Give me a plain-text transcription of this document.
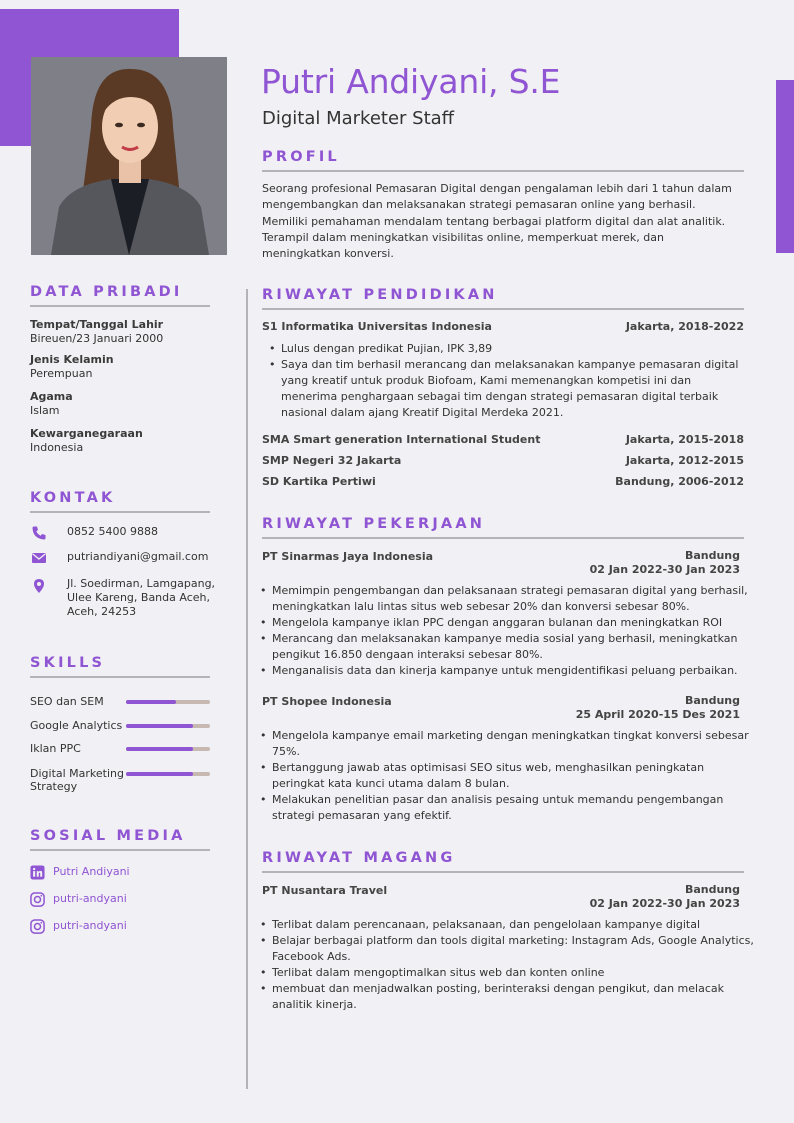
Putri Andiyani, S.E
Digital Marketer Staff
PROFIL
Seorang profesional Pemasaran Digital dengan pengalaman lebih dari 1 tahun dalam mengembangkan dan melaksanakan strategi pemasaran online yang berhasil. Memiliki pemahaman mendalam tentang berbagai platform digital dan alat analitik. Terampil dalam meningkatkan visibilitas online, memperkuat merek, dan meningkatkan konversi.
DATA PRIBADI
Tempat/Tanggal Lahir
Bireuen/23 Januari 2000
Jenis Kelamin
Perempuan
Agama
Islam
Kewarganegaraan
Indonesia
KONTAK
0852 5400 9888
putriandiyani@gmail.com
Jl. Soedirman, Lamgapang,
Ulee Kareng, Banda Aceh,
Aceh, 24253
SKILLS
SEO dan SEM
Google Analytics
Iklan PPC
Digital Marketing
Strategy
SOSIAL MEDIA
Putri Andiyani
putri-andyani
putri-andyani
RIWAYAT PENDIDIKAN
S1 Informatika Universitas Indonesia	Jakarta, 2018-2022
• Lulus dengan predikat Pujian, IPK 3,89
• Saya dan tim berhasil merancang dan melaksanakan kampanye pemasaran digital yang kreatif untuk produk Biofoam, Kami memenangkan kompetisi ini dan menerima penghargaan sebagai tim dengan strategi pemasaran digital terbaik nasional dalam ajang Kreatif Digital Merdeka 2021.
SMA Smart generation International Student	Jakarta, 2015-2018
SMP Negeri 32 Jakarta	Jakarta, 2012-2015
SD Kartika Pertiwi	Bandung, 2006-2012
RIWAYAT PEKERJAAN
PT Sinarmas Jaya Indonesia	Bandung
02 Jan 2022-30 Jan 2023
• Memimpin pengembangan dan pelaksanaan strategi pemasaran digital yang berhasil, meningkatkan lalu lintas situs web sebesar 20% dan konversi sebesar 80%.
• Mengelola kampanye iklan PPC dengan anggaran bulanan dan meningkatkan ROI
• Merancang dan melaksanakan kampanye media sosial yang berhasil, meningkatkan pengikut 16.850 dengaan interaksi sebesar 80%.
• Menganalisis data dan kinerja kampanye untuk mengidentifikasi peluang perbaikan.
PT Shopee Indonesia	Bandung
25 April 2020-15 Des 2021
• Mengelola kampanye email marketing dengan meningkatkan tingkat konversi sebesar 75%.
• Bertanggung jawab atas optimisasi SEO situs web, menghasilkan peningkatan peringkat kata kunci utama dalam 8 bulan.
• Melakukan penelitian pasar dan analisis pesaing untuk memandu pengembangan strategi pemasaran yang efektif.
RIWAYAT MAGANG
PT Nusantara Travel	Bandung
02 Jan 2022-30 Jan 2023
• Terlibat dalam perencanaan, pelaksanaan, dan pengelolaan kampanye digital
• Belajar berbagai platform dan tools digital marketing: Instagram Ads, Google Analytics, Facebook Ads.
• Terlibat dalam mengoptimalkan situs web dan konten online
• membuat dan menjadwalkan posting, berinteraksi dengan pengikut, dan melacak analitik kinerja.
